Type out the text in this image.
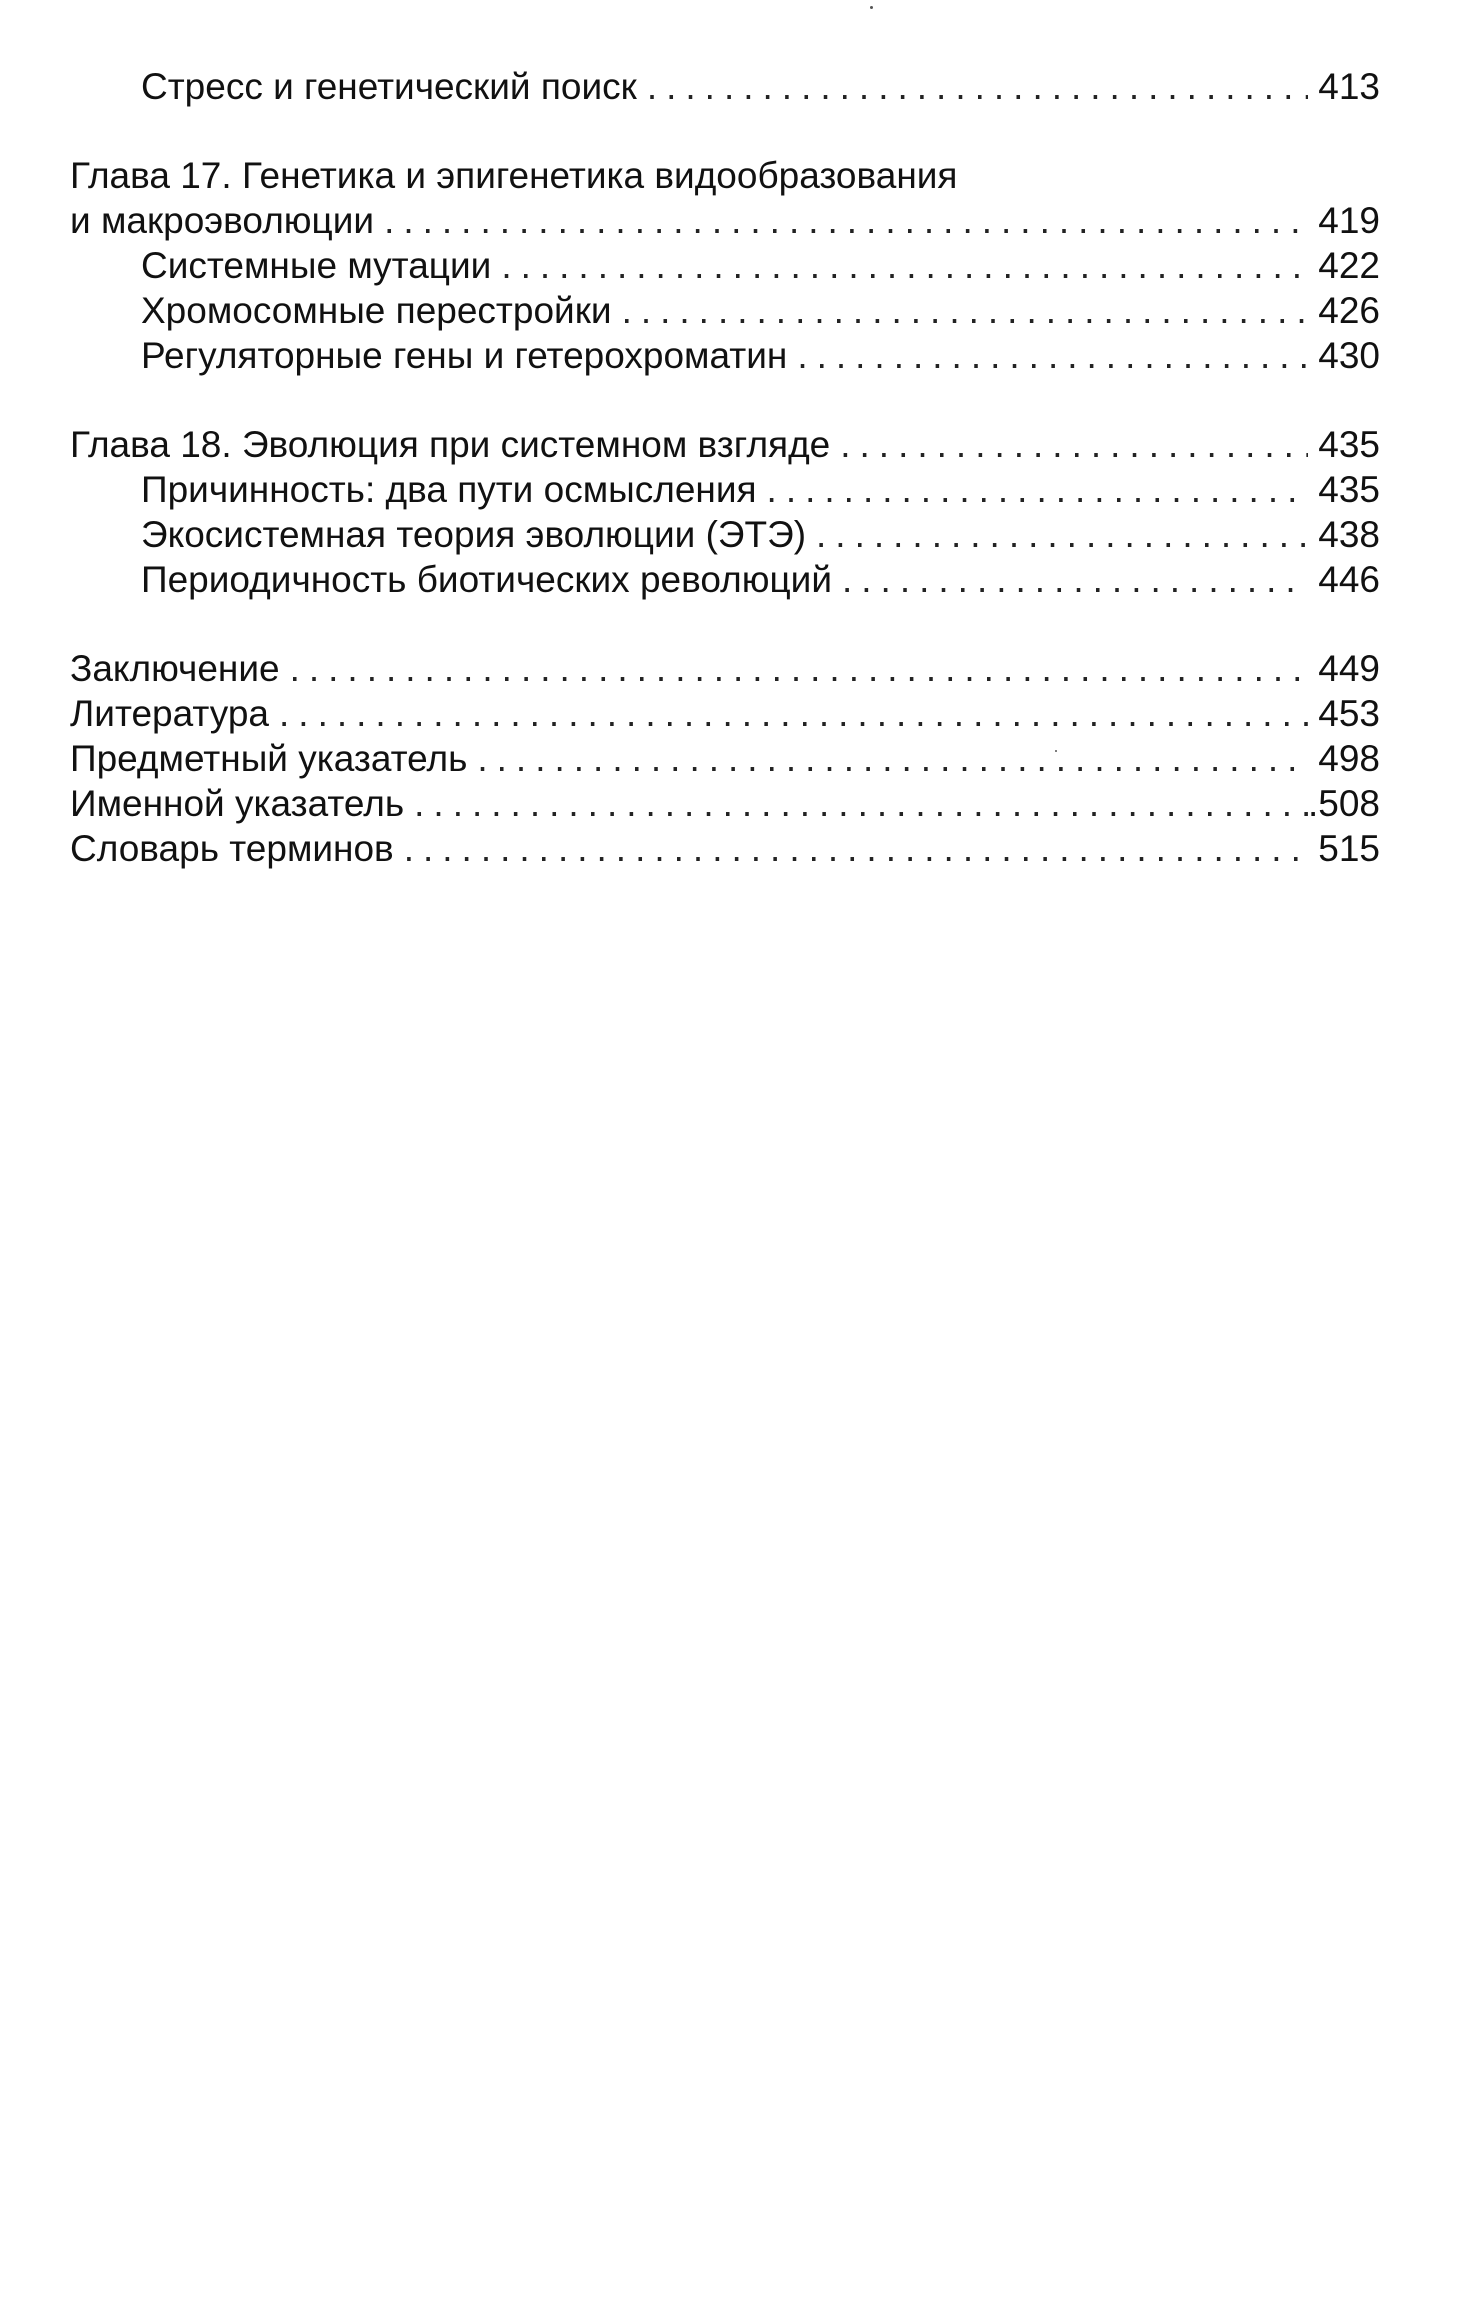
Стресс и генетический поиск .....	413
Глава 17. Генетика и эпигенетика видообразования
и макроэволюции .....	419
Системные мутации .....	422
Хромосомные перестройки .....	426
Регуляторные гены и гетерохроматин .....	430
Глава 18. Эволюция при системном взгляде .....	435
Причинность: два пути осмысления .....	435
Экосистемная теория эволюции (ЭТЭ) .....	438
Периодичность биотических революций .....	446
Заключение .....	449
Литература .....	453
Предметный указатель .....	498
Именной указатель .....	.508
Словарь терминов .....	515
